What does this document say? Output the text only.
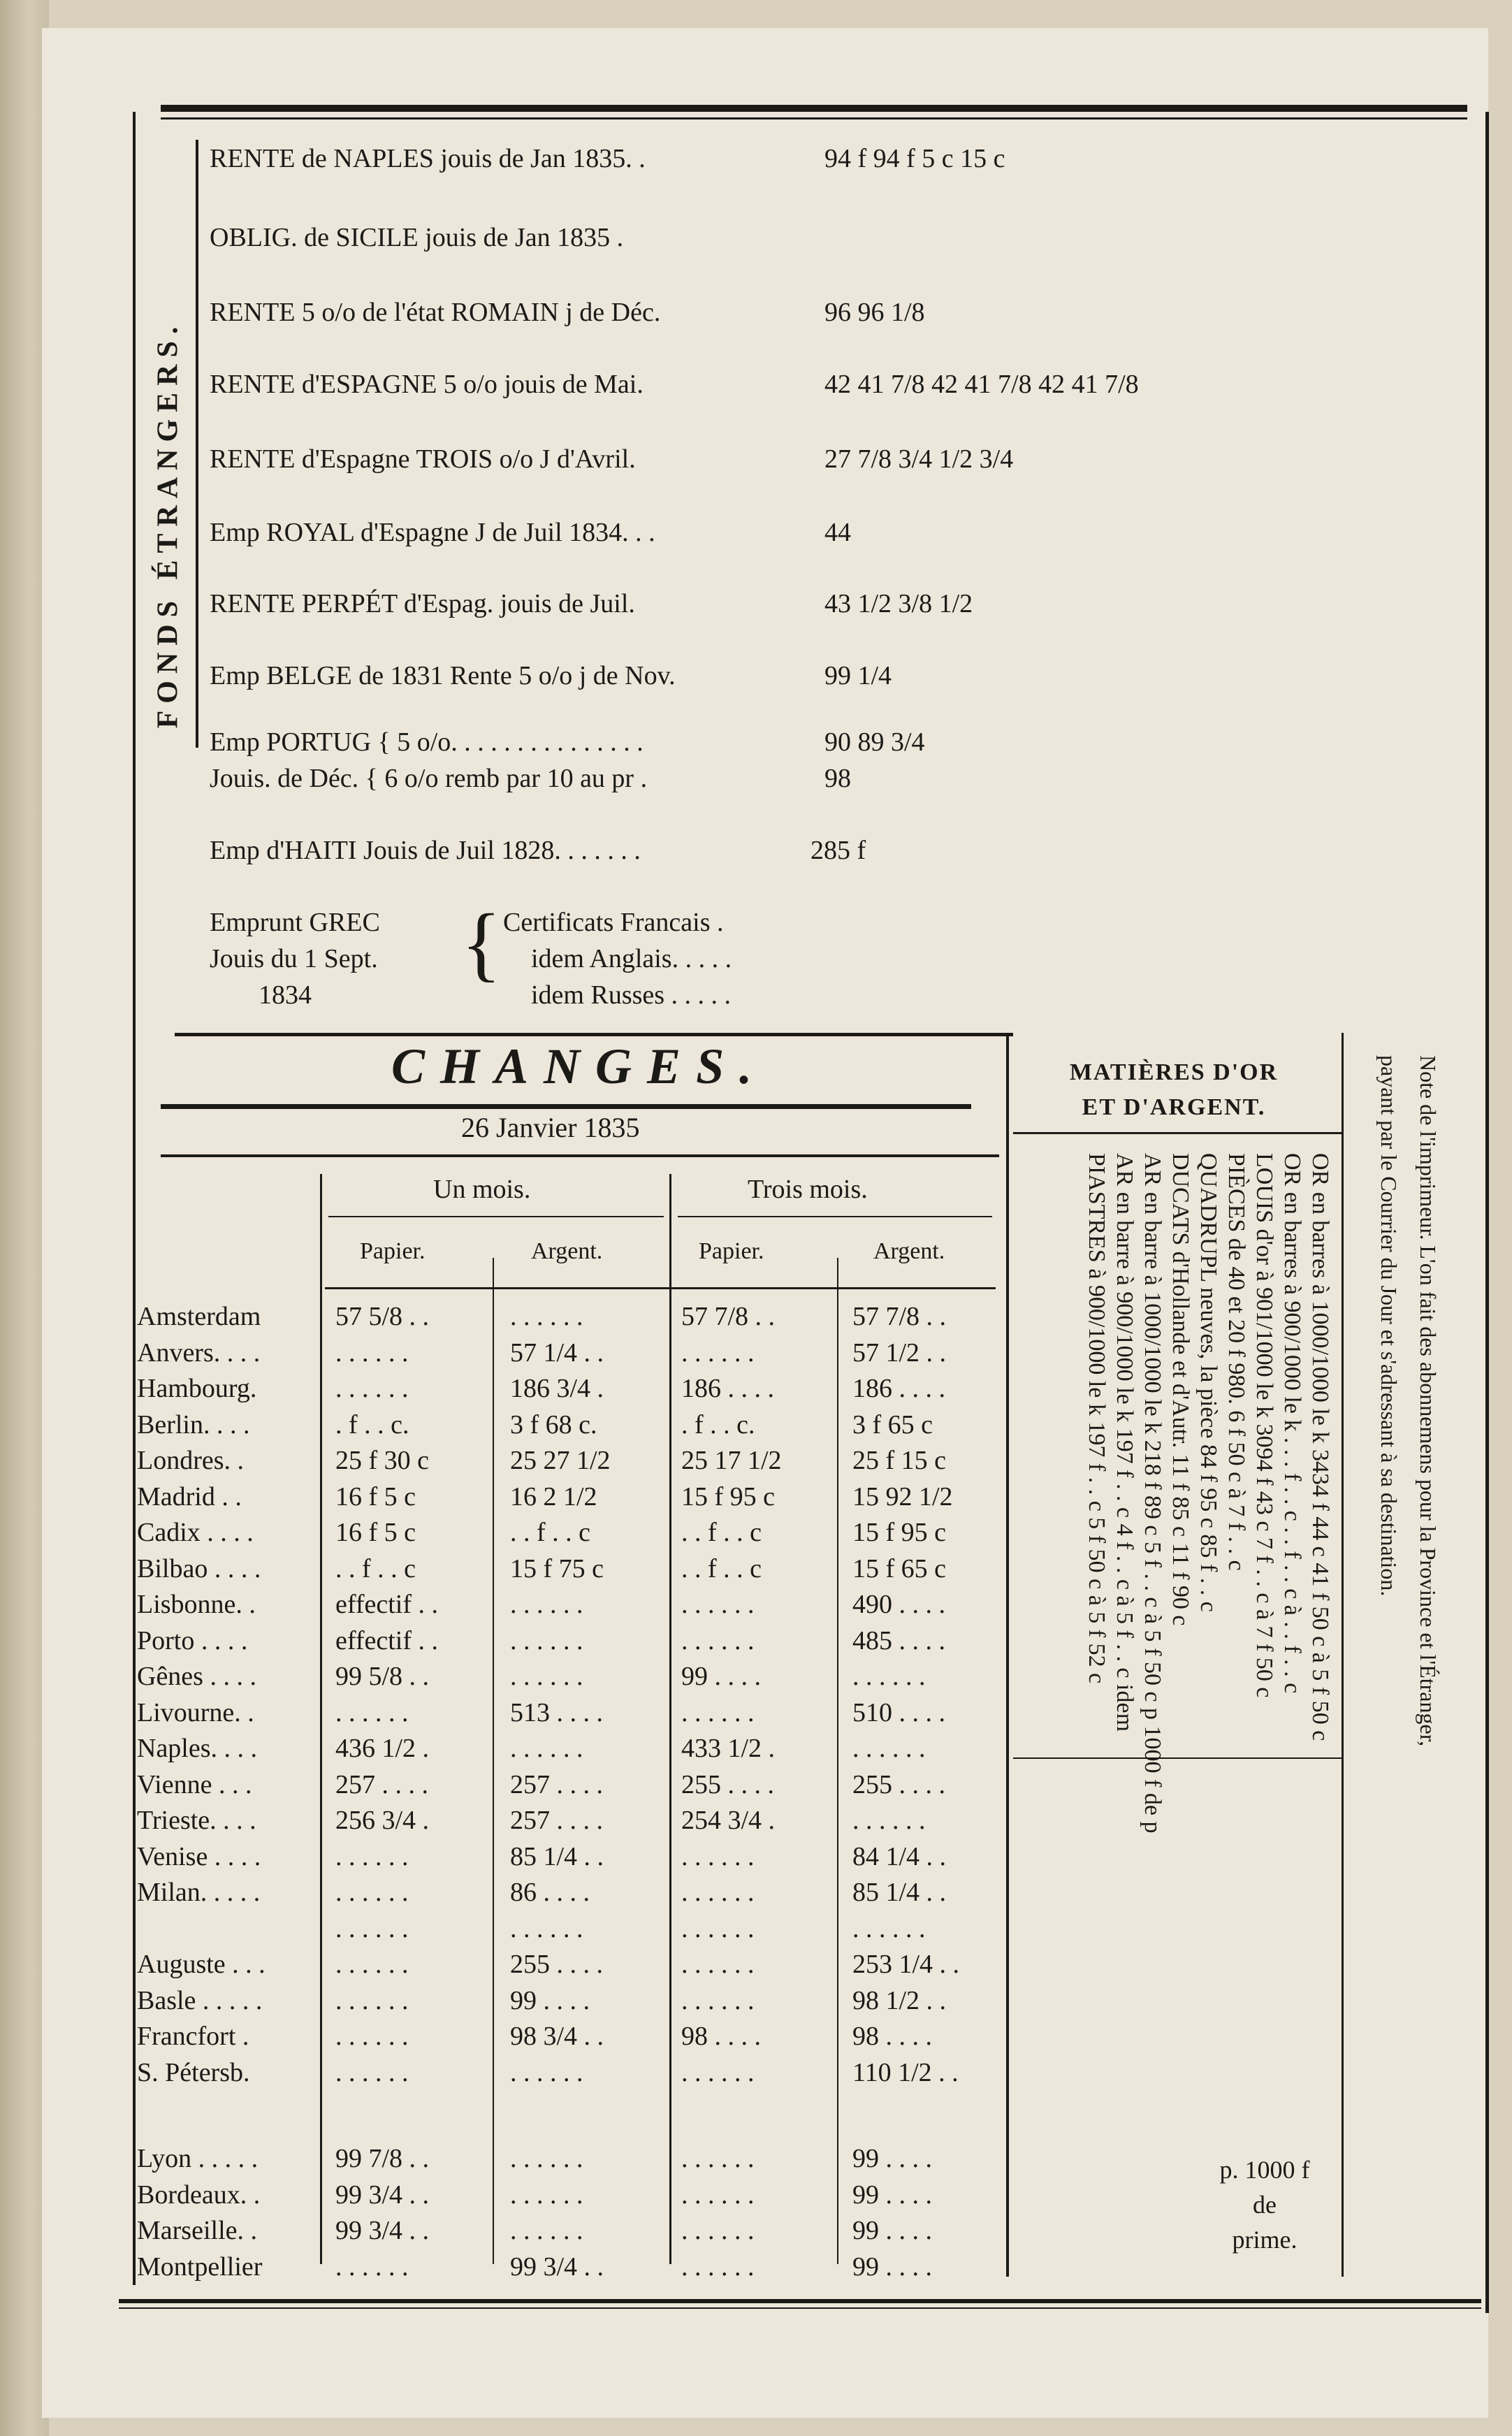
FONDS ÉTRANGERS.
RENTE de NAPLES jouis de Jan 1835. .	94 f 94 f 5 c 15 c
OBLIG. de SICILE jouis de Jan 1835 .
RENTE 5 o/o de l'état ROMAIN j de Déc.	96 96 1/8
RENTE d'ESPAGNE 5 o/o jouis de Mai.	42 41 7/8 42 41 7/8 42 41 7/8
RENTE d'Espagne TROIS o/o J d'Avril.	27 7/8 3/4 1/2 3/4
Emp ROYAL d'Espagne J de Juil 1834. . .	44
RENTE PERPÉT d'Espag. jouis de Juil.	43 1/2 3/8 1/2
Emp BELGE de 1831 Rente 5 o/o j de Nov.	99 1/4
Emp PORTUG { 5 o/o. . . . . . . . . . . . . . .	90 89 3/4
Jouis. de Déc. { 6 o/o remb par 10 au pr .	98
Emp d'HAITI Jouis de Juil 1828. . . . . . .	285 f
Emprunt GREC	Certificats Francais .
Jouis du 1 Sept.	idem Anglais. . . . .
1834	idem Russes . . . . .
{
CHANGES.
26 Janvier 1835
Un mois.	Trois mois.
Papier.	Argent.	Papier.	Argent.
Amsterdam	57 5/8 . .	. . . . . .	57 7/8 . .	57 7/8 . .
Anvers. . . .	. . . . . .	57 1/4 . .	. . . . . .	57 1/2 . .
Hambourg.	. . . . . .	186 3/4 .	186 . . . .	186 . . . .
Berlin. . . .	. f . . c.	3 f 68 c.	. f . . c.	3 f 65 c
Londres. .	25 f 30 c	25 27 1/2	25 17 1/2	25 f 15 c
Madrid . .	16 f 5 c	16 2 1/2	15 f 95 c	15 92 1/2
Cadix . . . .	16 f 5 c	. . f . . c	. . f . . c	15 f 95 c
Bilbao . . . .	. . f . . c	15 f 75 c	. . f . . c	15 f 65 c
Lisbonne. .	effectif . .	. . . . . .	. . . . . .	490 . . . .
Porto . . . .	effectif . .	. . . . . .	. . . . . .	485 . . . .
Gênes . . . .	99 5/8 . .	. . . . . .	99 . . . .	. . . . . .
Livourne. .	. . . . . .	513 . . . .	. . . . . .	510 . . . .
Naples. . . .	436 1/2 .	. . . . . .	433 1/2 .	. . . . . .
Vienne . . .	257 . . . .	257 . . . .	255 . . . .	255 . . . .
Trieste. . . .	256 3/4 .	257 . . . .	254 3/4 .	. . . . . .
Venise . . . .	. . . . . .	85 1/4 . .	. . . . . .	84 1/4 . .
Milan. . . . .	. . . . . .	86 . . . .	. . . . . .	85 1/4 . .
. . . . . .	. . . . . .	. . . . . .	. . . . . .
Auguste . . .	. . . . . .	255 . . . .	. . . . . .	253 1/4 . .
Basle . . . . .	. . . . . .	99 . . . .	. . . . . .	98 1/2 . .
Francfort .	. . . . . .	98 3/4 . .	98 . . . .	98 . . . .
S. Pétersb.	. . . . . .	. . . . . .	. . . . . .	110 1/2 . .
Lyon . . . . .	99 7/8 . .	. . . . . .	. . . . . .	99 . . . .
Bordeaux. .	99 3/4 . .	. . . . . .	. . . . . .	99 . . . .
Marseille. .	99 3/4 . .	. . . . . .	. . . . . .	99 . . . .
Montpellier	. . . . . .	99 3/4 . .	. . . . . .	99 . . . .
MATIÈRES D'OR
ET D'ARGENT.
OR en barres à 1000/1000 le k 3434 f 44 c 41 f 50 c à 5 f 50 c
OR en barres à 900/1000 le k . . . f . . c . . f . . c à . . f . . c
LOUIS d'or à 901/1000 le k 3094 f 43 c 7 f . . c à 7 f 50 c
PIÈCES de 40 et 20 f 980. 6 f 50 c à 7 f . . c
QUADRUPL neuves, la pièce 84 f 95 c 85 f . . c
DUCATS d'Hollande et d'Autr. 11 f 85 c 11 f 90 c
AR en barre à 1000/1000 le k 218 f 89 c 5 f . . c à 5 f 50 c p 1000 f de p
AR en barre à 900/1000 le k 197 f . . c 4 f . . c à 5 f . . c idem
PIASTRES à 900/1000 le k 197 f . . c 5 f 50 c à 5 f 52 c
p. 1000 f
de
prime.
Note de l'imprimeur. L'on fait des abonnemens pour la Province et l'Étranger,
payant par le Courrier du Jour et s'adressant à sa destination.
